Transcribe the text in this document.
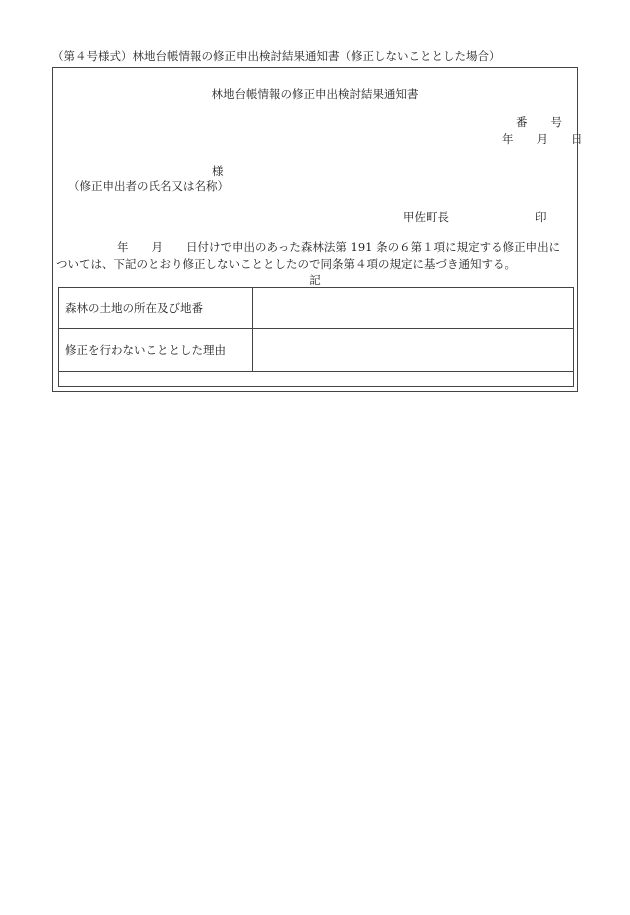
（第４号様式）林地台帳情報の修正申出検討結果通知書（修正しないこととした場合）
林地台帳情報の修正申出検討結果通知書
番　　号
年　　月　　日
様
（修正申出者の氏名又は名称）
甲佐町長	印
年　　月　　日付けで申出のあった森林法第 191 条の６第１項に規定する修正申出に
ついては、下記のとおり修正しないこととしたので同条第４項の規定に基づき通知する。
記
森林の土地の所在及び地番	
修正を行わないこととした理由	
